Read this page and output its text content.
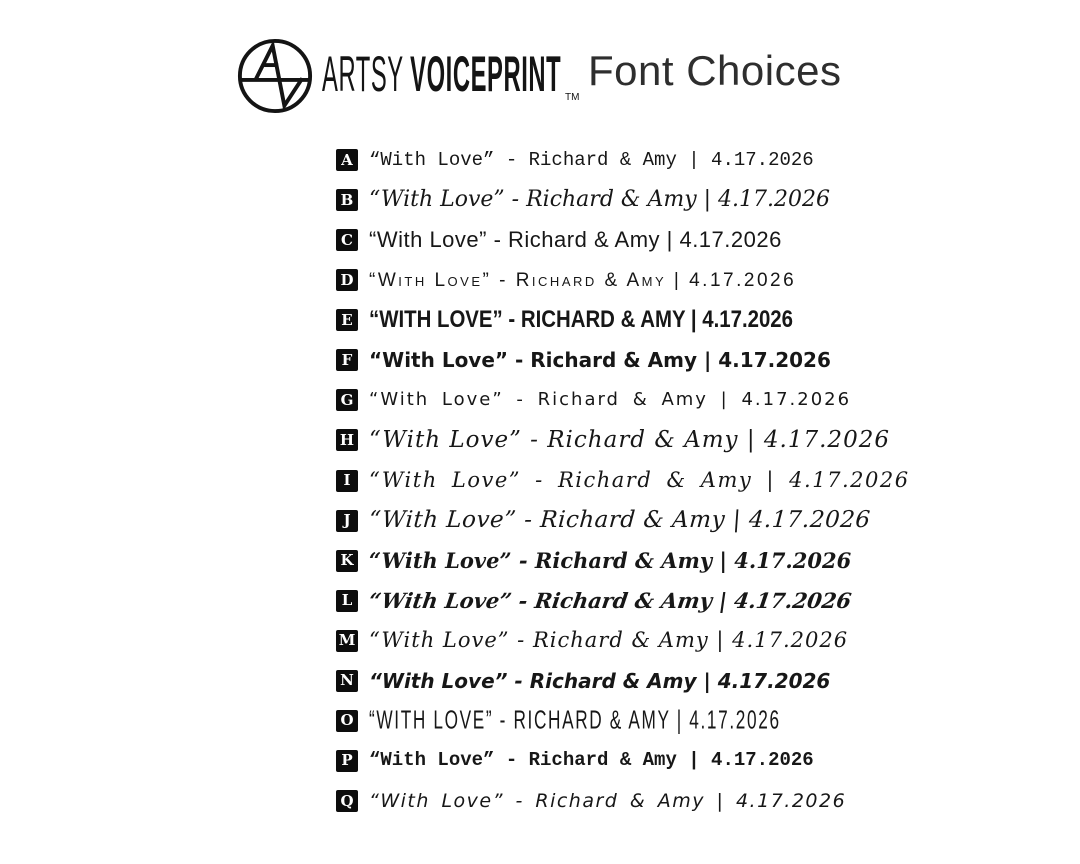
ARTSY VOICEPRINT TM
Font Choices
A “With Love” - Richard & Amy | 4.17.2026
B “With Love” - Richard & Amy | 4.17.2026
C “With Love” - Richard & Amy | 4.17.2026
D “With Love” - Richard & Amy | 4.17.2026
E “WITH LOVE” - RICHARD & AMY | 4.17.2026
F “With Love” - Richard & Amy | 4.17.2026
G “With Love” - Richard & Amy | 4.17.2026
H “With Love” - Richard & Amy | 4.17.2026
I “With Love” - Richard & Amy | 4.17.2026
J “With Love” - Richard & Amy | 4.17.2026
K “With Love” - Richard & Amy | 4.17.2026
L “With Love” - Richard & Amy | 4.17.2026
M “With Love” - Richard & Amy | 4.17.2026
N “With Love” - Richard & Amy | 4.17.2026
O “WITH LOVE” - RICHARD & AMY | 4.17.2026
P “With Love” - Richard & Amy | 4.17.2026
Q “With Love” - Richard & Amy | 4.17.2026
